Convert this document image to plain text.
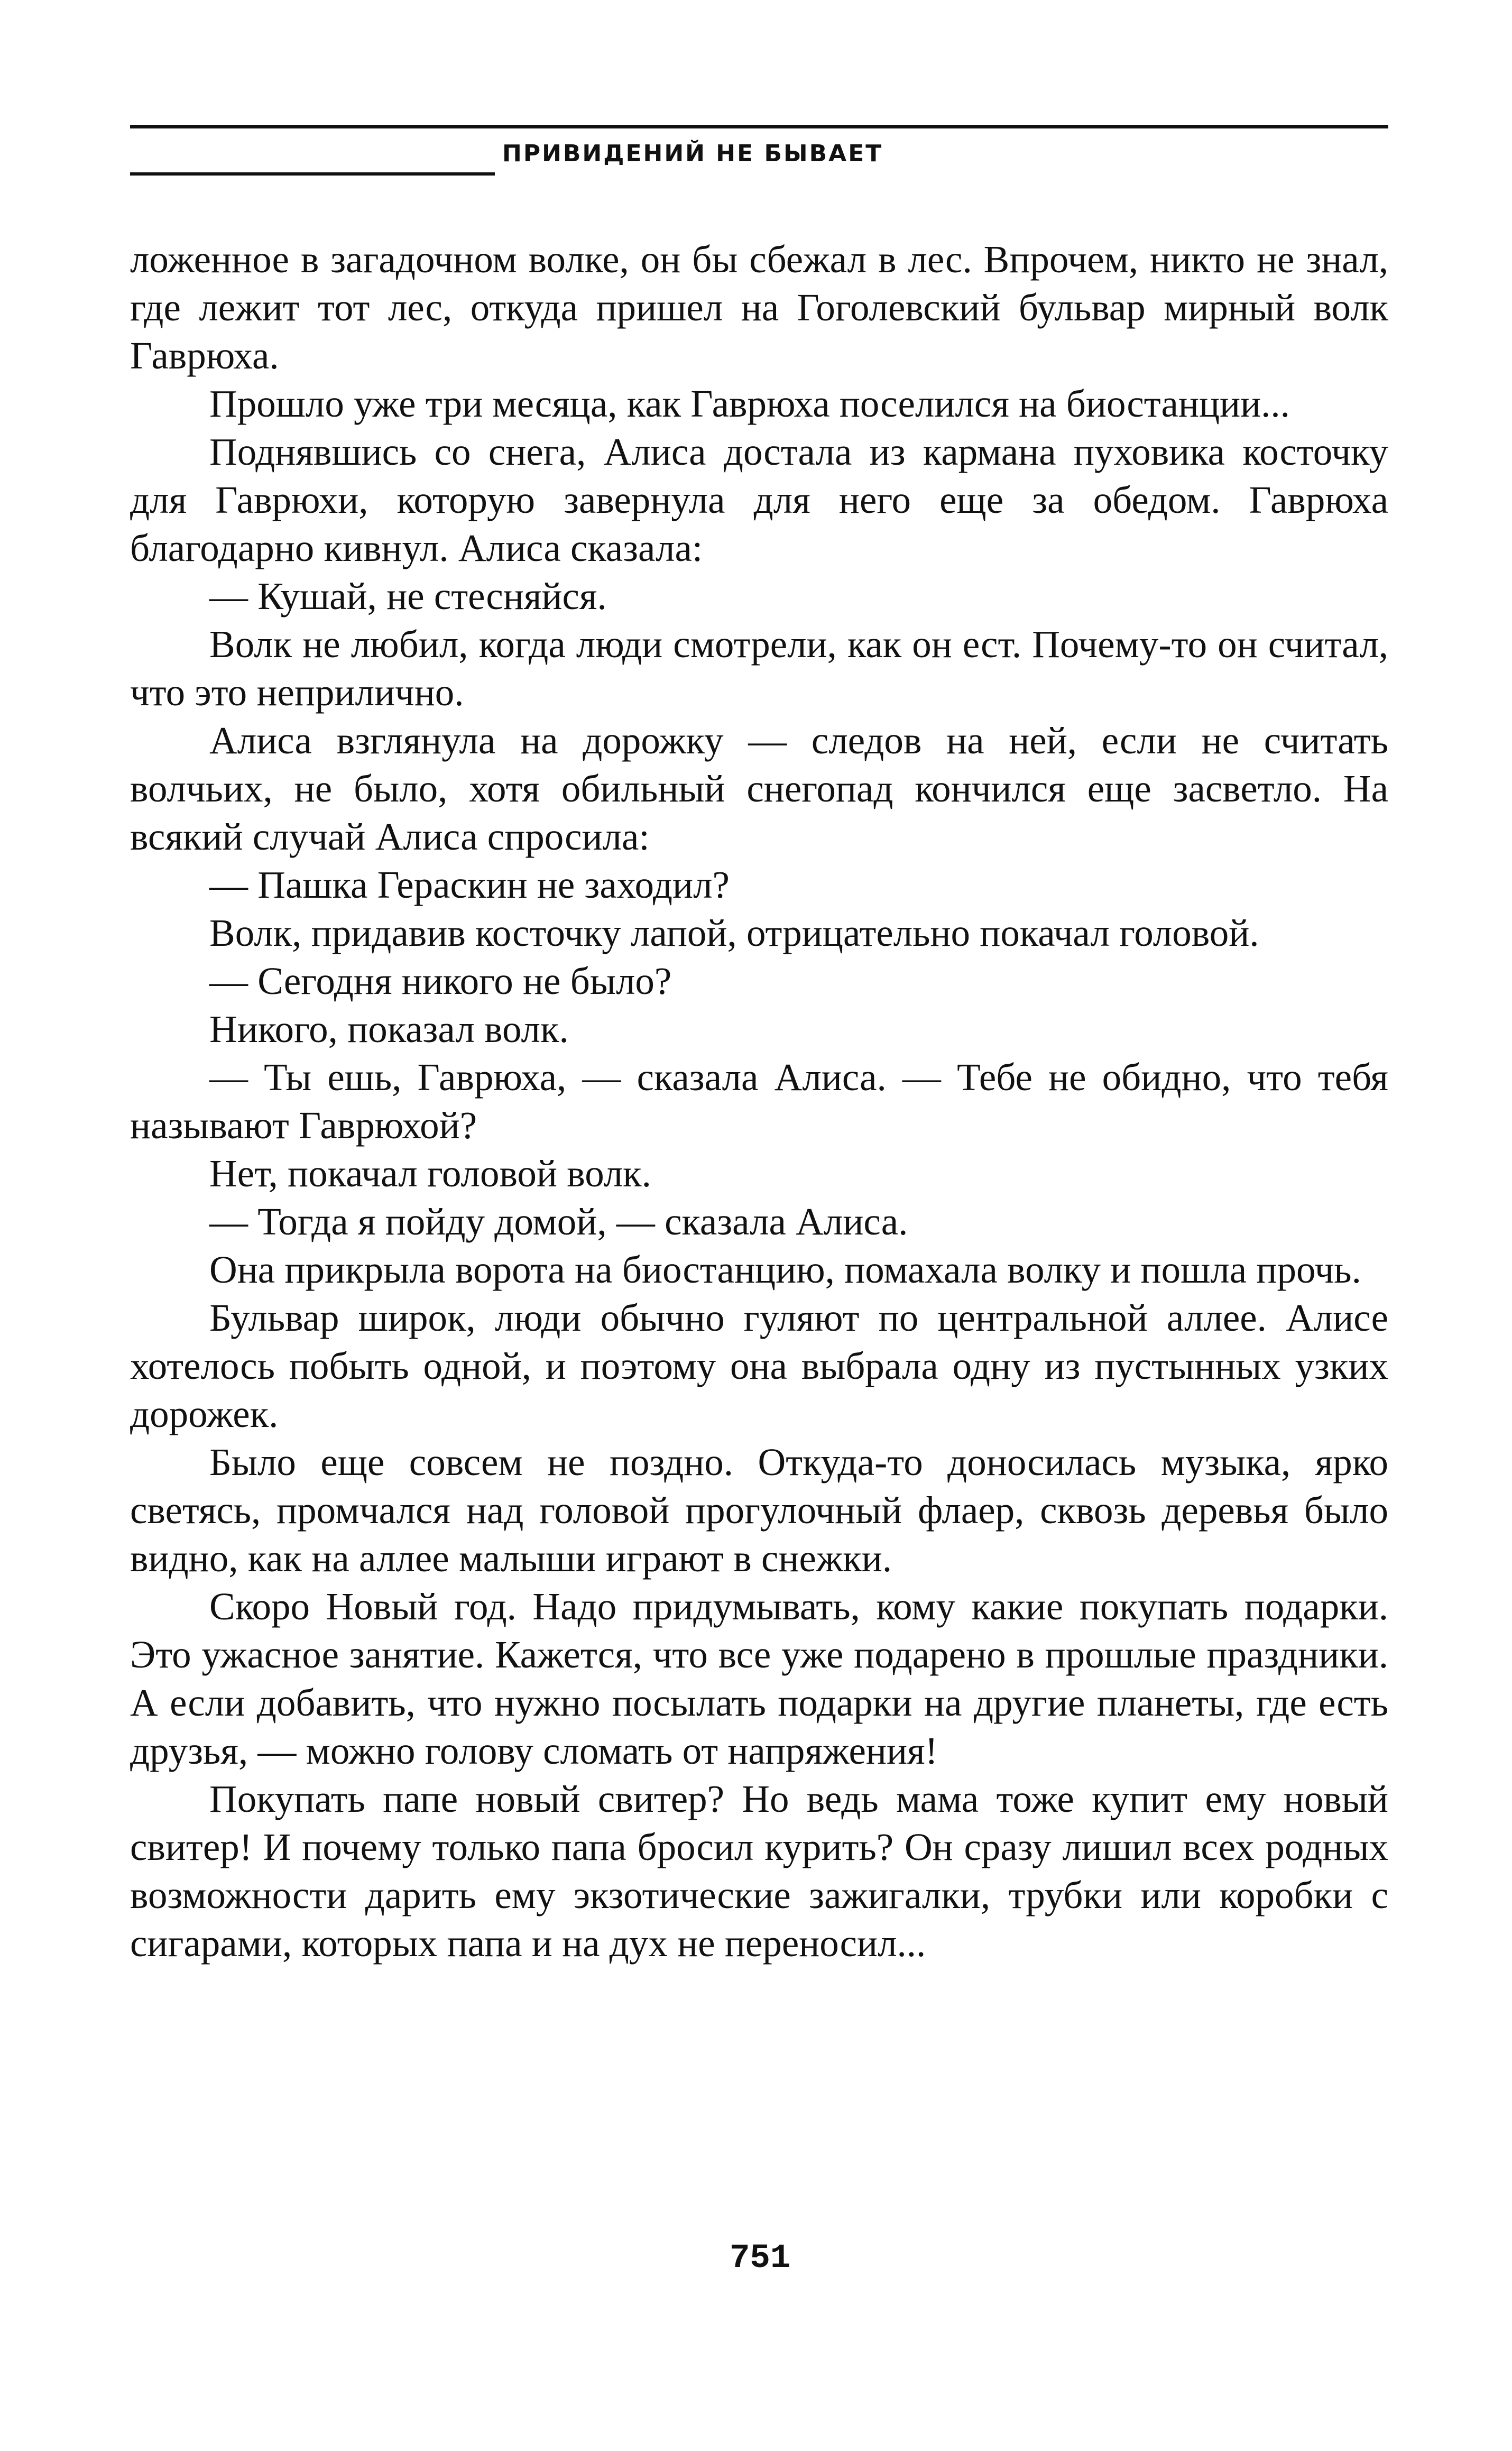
ПРИВИДЕНИЙ НЕ БЫВАЕТ

ложенное в загадочном волке, он бы сбежал в лес. Впрочем, никто не знал, где лежит тот лес, откуда пришел на Гоголевский бульвар мирный волк Гаврюха.

Прошло уже три месяца, как Гаврюха поселился на биостанции...

Поднявшись со снега, Алиса достала из кармана пуховика косточку для Гаврюхи, которую завернула для него еще за обедом. Гаврюха благодарно кивнул. Алиса сказала:

— Кушай, не стесняйся.

Волк не любил, когда люди смотрели, как он ест. Почему-то он считал, что это неприлично.

Алиса взглянула на дорожку — следов на ней, если не считать волчьих, не было, хотя обильный снегопад кончился еще засветло. На всякий случай Алиса спросила:

— Пашка Гераскин не заходил?

Волк, придавив косточку лапой, отрицательно покачал головой.

— Сегодня никого не было?

Никого, показал волк.

— Ты ешь, Гаврюха, — сказала Алиса. — Тебе не обидно, что тебя называют Гаврюхой?

Нет, покачал головой волк.

— Тогда я пойду домой, — сказала Алиса.

Она прикрыла ворота на биостанцию, помахала волку и пошла прочь.

Бульвар широк, люди обычно гуляют по центральной аллее. Алисе хотелось побыть одной, и поэтому она выбрала одну из пустынных узких дорожек.

Было еще совсем не поздно. Откуда-то доносилась музыка, ярко светясь, промчался над головой прогулочный флаер, сквозь деревья было видно, как на аллее малыши играют в снежки.

Скоро Новый год. Надо придумывать, кому какие покупать подарки. Это ужасное занятие. Кажется, что все уже подарено в прошлые праздники. А если добавить, что нужно посылать подарки на другие планеты, где есть друзья, — можно голову сломать от напряжения!

Покупать папе новый свитер? Но ведь мама тоже купит ему новый свитер! И почему только папа бросил курить? Он сразу лишил всех родных возможности дарить ему экзотические зажигалки, трубки или коробки с сигарами, которых папа и на дух не переносил...

751
